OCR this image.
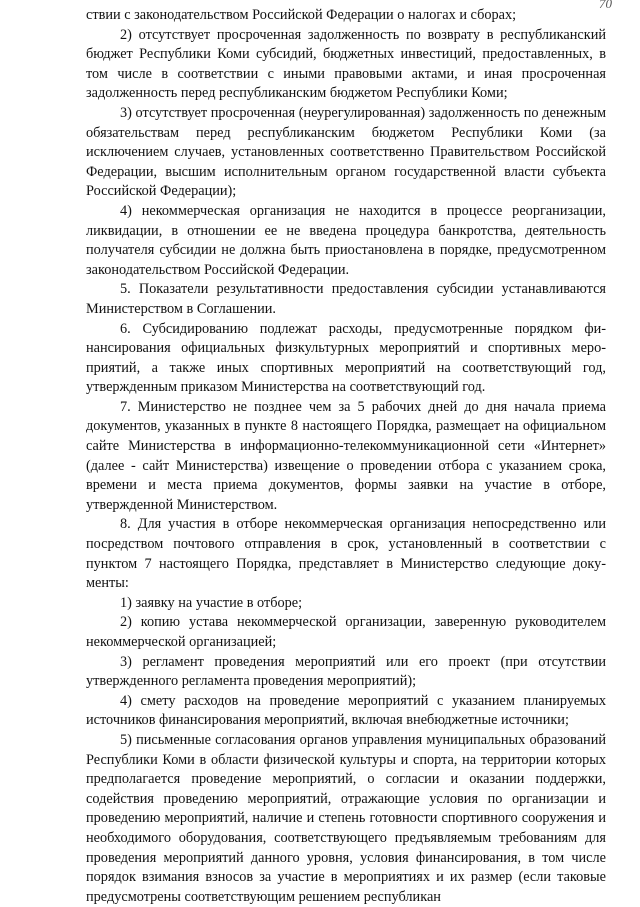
70

ствии с законодательством Российской Федерации о налогах и сборах;

2) отсутствует просроченная задолженность по возврату в республиканский бюджет Республики Коми субсидий, бюджетных инвестиций, предоставленных, в том числе в соответствии с иными правовыми актами, и иная просроченная задолженность перед республиканским бюджетом Республики Коми;

3) отсутствует просроченная (неурегулированная) задолженность по денежным обязательствам перед республиканским бюджетом Республики Коми (за исключением случаев, установленных соответственно Правительством Российской Федерации, высшим исполнительным органом государственной власти субъекта Российской Федерации);

4) некоммерческая организация не находится в процессе реорганизации, ликвидации, в отношении ее не введена процедура банкротства, деятельность получателя субсидии не должна быть приостановлена в порядке, предусмотренном законодательством Российской Федерации.

5. Показатели результативности предоставления субсидии устанавливаются Министерством в Соглашении.

6. Субсидированию подлежат расходы, предусмотренные порядком финансирования официальных физкультурных мероприятий и спортивных мероприятий, а также иных спортивных мероприятий на соответствующий год, утвержденным приказом Министерства на соответствующий год.

7. Министерство не позднее чем за 5 рабочих дней до дня начала приема документов, указанных в пункте 8 настоящего Порядка, размещает на официальном сайте Министерства в информационно-телекоммуникационной сети «Интернет» (далее - сайт Министерства) извещение о проведении отбора с указанием срока, времени и места приема документов, формы заявки на участие в отборе, утвержденной Министерством.

8. Для участия в отборе некоммерческая организация непосредственно или посредством почтового отправления в срок, установленный в соответствии с пунктом 7 настоящего Порядка, представляет в Министерство следующие документы:

1) заявку на участие в отборе;

2) копию устава некоммерческой организации, заверенную руководителем некоммерческой организацией;

3) регламент проведения мероприятий или его проект (при отсутствии утвержденного регламента проведения мероприятий);

4) смету расходов на проведение мероприятий с указанием планируемых источников финансирования мероприятий, включая внебюджетные источники;

5) письменные согласования органов управления муниципальных образований Республики Коми в области физической культуры и спорта, на территории которых предполагается проведение мероприятий, о согласии и оказании поддержки, содействия проведению мероприятий, отражающие условия по организации и проведению мероприятий, наличие и степень готовности спортивного сооружения и необходимого оборудования, соответствующего предъявляемым требованиям для проведения мероприятий данного уровня, условия финансирования, в том числе порядок взимания взносов за участие в мероприятиях и их размер (если таковые предусмотрены соответствующим решением республикан
